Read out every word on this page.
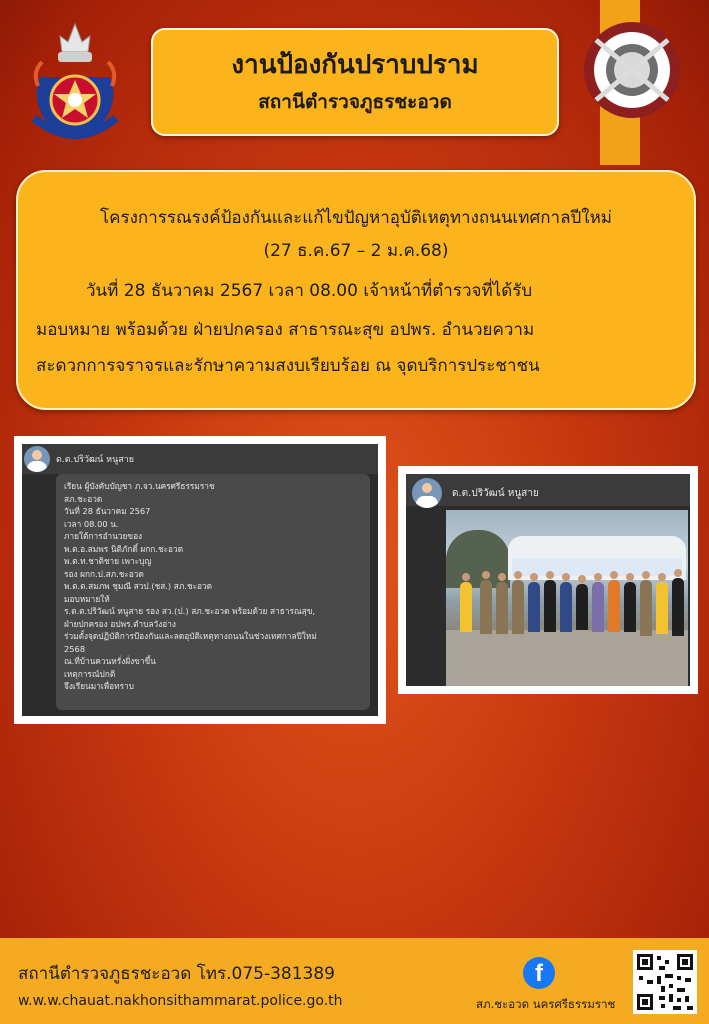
งานป้องกันปราบปราม
สถานีตำรวจภูธรชะอวด
โครงการรณรงค์ป้องกันและแก้ไขปัญหาอุบัติเหตุทางถนนเทศกาลปีใหม่
(27 ธ.ค.67 – 2 ม.ค.68)
วันที่ 28 ธันวาคม 2567 เวลา 08.00 เจ้าหน้าที่ตำรวจที่ได้รับ
มอบหมาย พร้อมด้วย ฝ่ายปกครอง สาธารณะสุข อปพร. อำนวยความ
สะดวกการจราจรและรักษาความสงบเรียบร้อย ณ จุดบริการประชาชน
ด.ต.ปริวัฒน์ หนูสาย
เรียน ผู้บังคับบัญชา ภ.จว.นครศรีธรรมราช
สภ.ชะอวด
วันที่ 28 ธันวาคม 2567
เวลา 08.00 น.
ภายใต้การอำนวยของ
พ.ต.อ.สมพร นิติภักดิ์ ผกก.ชะอวด
พ.ต.ท.ชาติชาย เพาะบุญ
รอง ผกก.ป.สภ.ชะอวด
พ.ต.ต.สมภพ ชุมณี สวป.(ชส.) สภ.ชะอวด
มอบหมายให้
ร.ต.ต.ปริวัฒน์ หนูสาย รอง สว.(ป.) สภ.ชะอวด พร้อมด้วย สาธารณสุข,
ฝ่ายปกครอง อปพร.ตำบลวังอ่าง
ร่วมตั้งจุดปฏิบัติการป้องกันและลดอุบัติเหตุทางถนนในช่วงเทศกาลปีใหม่
2568
ณ.ที่บ้านควนหรั่งฝั่งขาขึ้น
เหตุการณ์ปกติ
จึงเรียนมาเพื่อทราบ
ด.ต.ปริวัฒน์ หนูสาย
สถานีตำรวจภูธรชะอวด โทร.075-381389
w.w.w.chauat.nakhonsithammarat.police.go.th
f
สภ.ชะอวด นครศรีธรรมราช
